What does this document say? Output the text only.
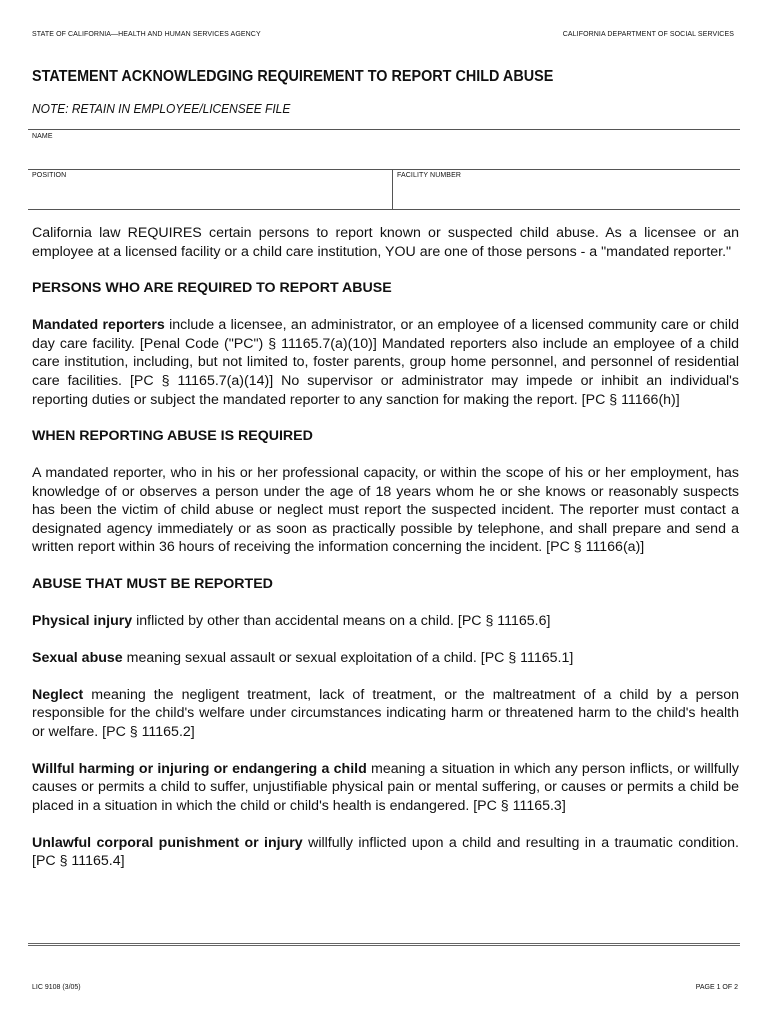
STATE OF CALIFORNIA—HEALTH AND HUMAN SERVICES AGENCY	CALIFORNIA DEPARTMENT OF SOCIAL SERVICES
STATEMENT ACKNOWLEDGING REQUIREMENT TO REPORT CHILD ABUSE
NOTE: RETAIN IN EMPLOYEE/LICENSEE FILE
NAME
POSITION	FACILITY NUMBER

California law REQUIRES certain persons to report known or suspected child abuse. As a licensee or an employee at a licensed facility or a child care institution, YOU are one of those persons - a "mandated reporter."

PERSONS WHO ARE REQUIRED TO REPORT ABUSE

Mandated reporters include a licensee, an administrator, or an employee of a licensed community care or child day care facility. [Penal Code ("PC") § 11165.7(a)(10)] Mandated reporters also include an employee of a child care institution, including, but not limited to, foster parents, group home personnel, and personnel of residential care facilities. [PC § 11165.7(a)(14)] No supervisor or administrator may impede or inhibit an individual's reporting duties or subject the mandated reporter to any sanction for making the report. [PC § 11166(h)]

WHEN REPORTING ABUSE IS REQUIRED

A mandated reporter, who in his or her professional capacity, or within the scope of his or her employment, has knowledge of or observes a person under the age of 18 years whom he or she knows or reasonably suspects has been the victim of child abuse or neglect must report the suspected incident. The reporter must contact a designated agency immediately or as soon as practically possible by telephone, and shall prepare and send a written report within 36 hours of receiving the information concerning the incident. [PC § 11166(a)]

ABUSE THAT MUST BE REPORTED

Physical injury inflicted by other than accidental means on a child. [PC § 11165.6]

Sexual abuse meaning sexual assault or sexual exploitation of a child. [PC § 11165.1]

Neglect meaning the negligent treatment, lack of treatment, or the maltreatment of a child by a person responsible for the child's welfare under circumstances indicating harm or threatened harm to the child's health or welfare. [PC § 11165.2]

Willful harming or injuring or endangering a child meaning a situation in which any person inflicts, or willfully causes or permits a child to suffer, unjustifiable physical pain or mental suffering, or causes or permits a child be placed in a situation in which the child or child's health is endangered. [PC § 11165.3]

Unlawful corporal punishment or injury willfully inflicted upon a child and resulting in a traumatic condition. [PC § 11165.4]

LIC 9108 (3/05)	PAGE 1 OF 2
